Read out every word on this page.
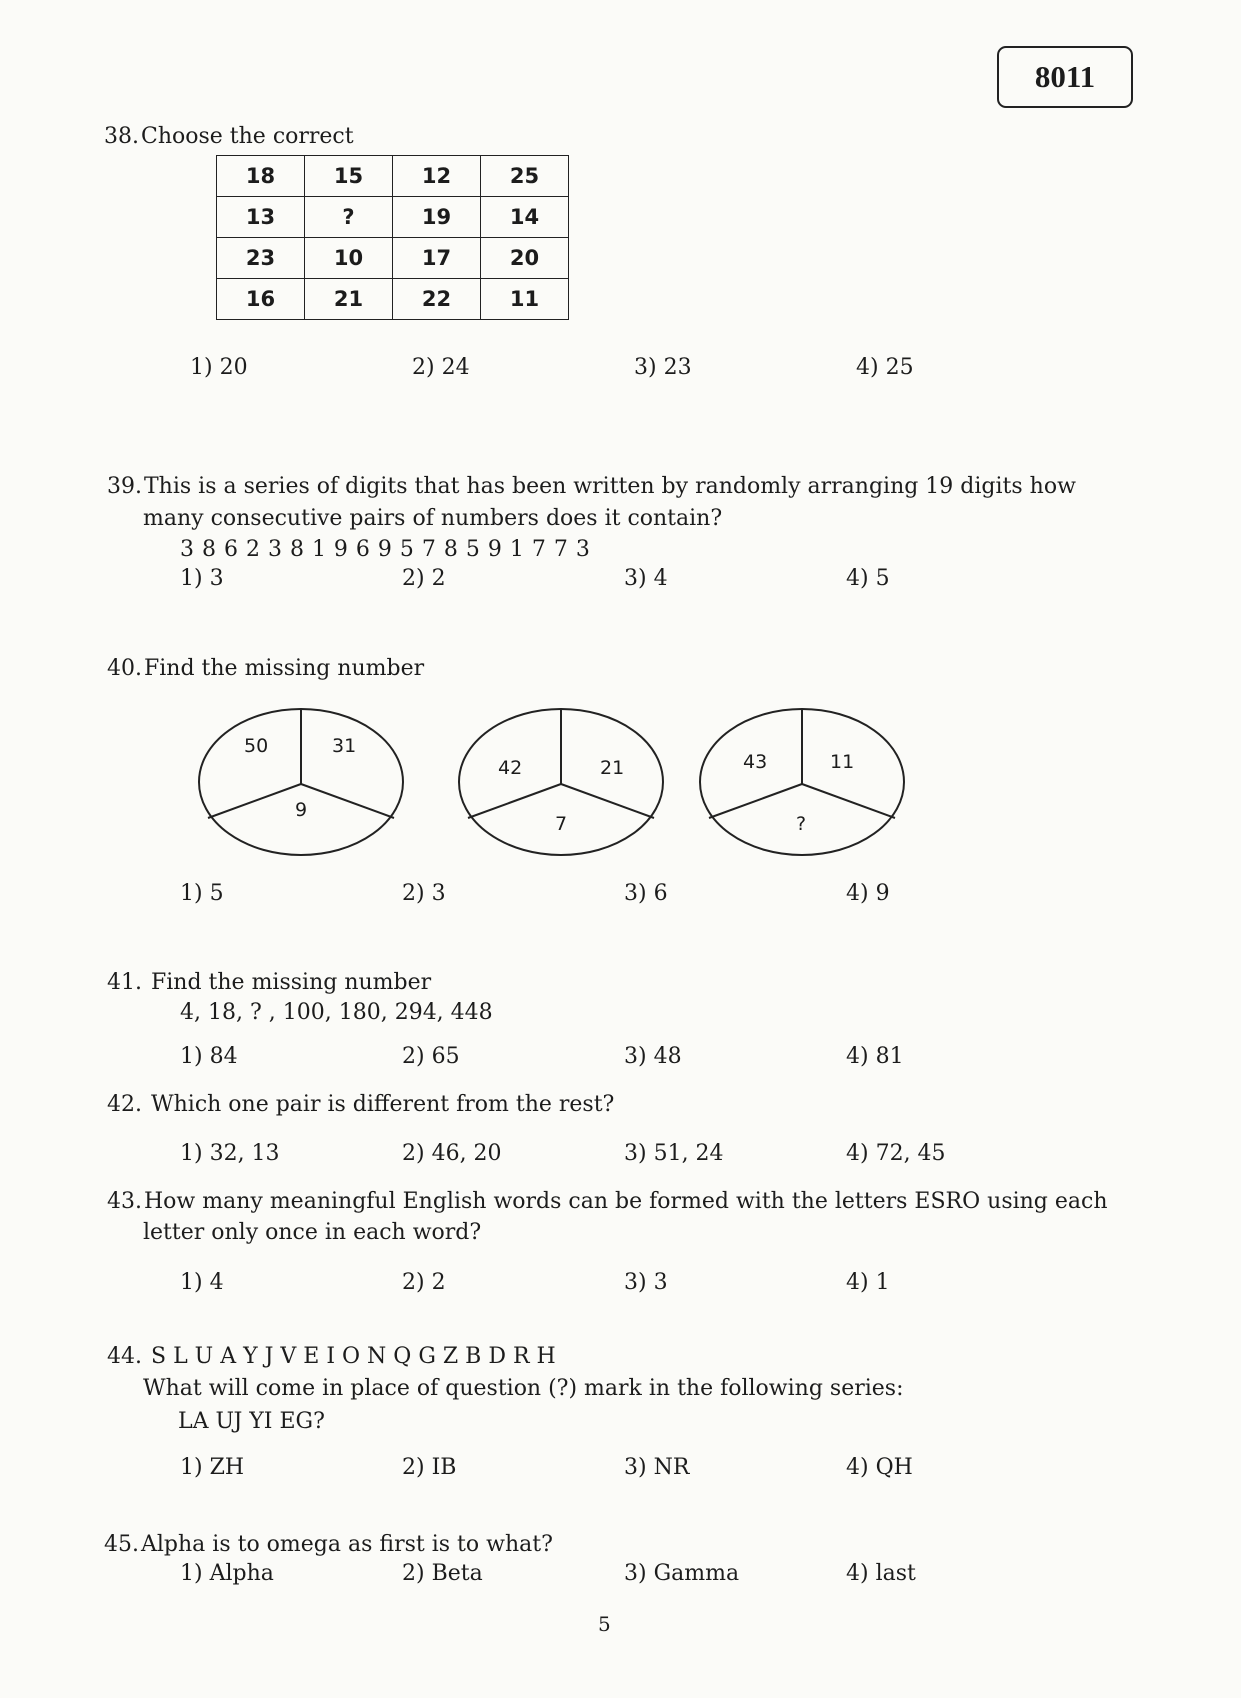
8011
38.Choose the correct
18	15	12	25
13	?	19	14
23	10	17	20
16	21	22	11
1) 20	2) 24	3) 23	4) 25
39.This is a series of digits that has been written by randomly arranging 19 digits how
many consecutive pairs of numbers does it contain?
3 8 6 2 3 8 1 9 6 9 5 7 8 5 9 1 7 7 3
1) 3	2) 2	3) 4	4) 5
40.Find the missing number
50	31
9
42	21
7
43	11
?
1) 5	2) 3	3) 6	4) 9
41. Find the missing number
4, 18, ? , 100, 180, 294, 448
1) 84	2) 65	3) 48	4) 81
42. Which one pair is different from the rest?
1) 32, 13	2) 46, 20	3) 51, 24	4) 72, 45
43.How many meaningful English words can be formed with the letters ESRO using each
letter only once in each word?
1) 4	2) 2	3) 3	4) 1
44. S L U A Y J V E I O N Q G Z B D R H
What will come in place of question (?) mark in the following series:
LA UJ YI EG?
1) ZH	2) IB	3) NR	4) QH
45.Alpha is to omega as first is to what?
1) Alpha	2) Beta	3) Gamma	4) last
5
